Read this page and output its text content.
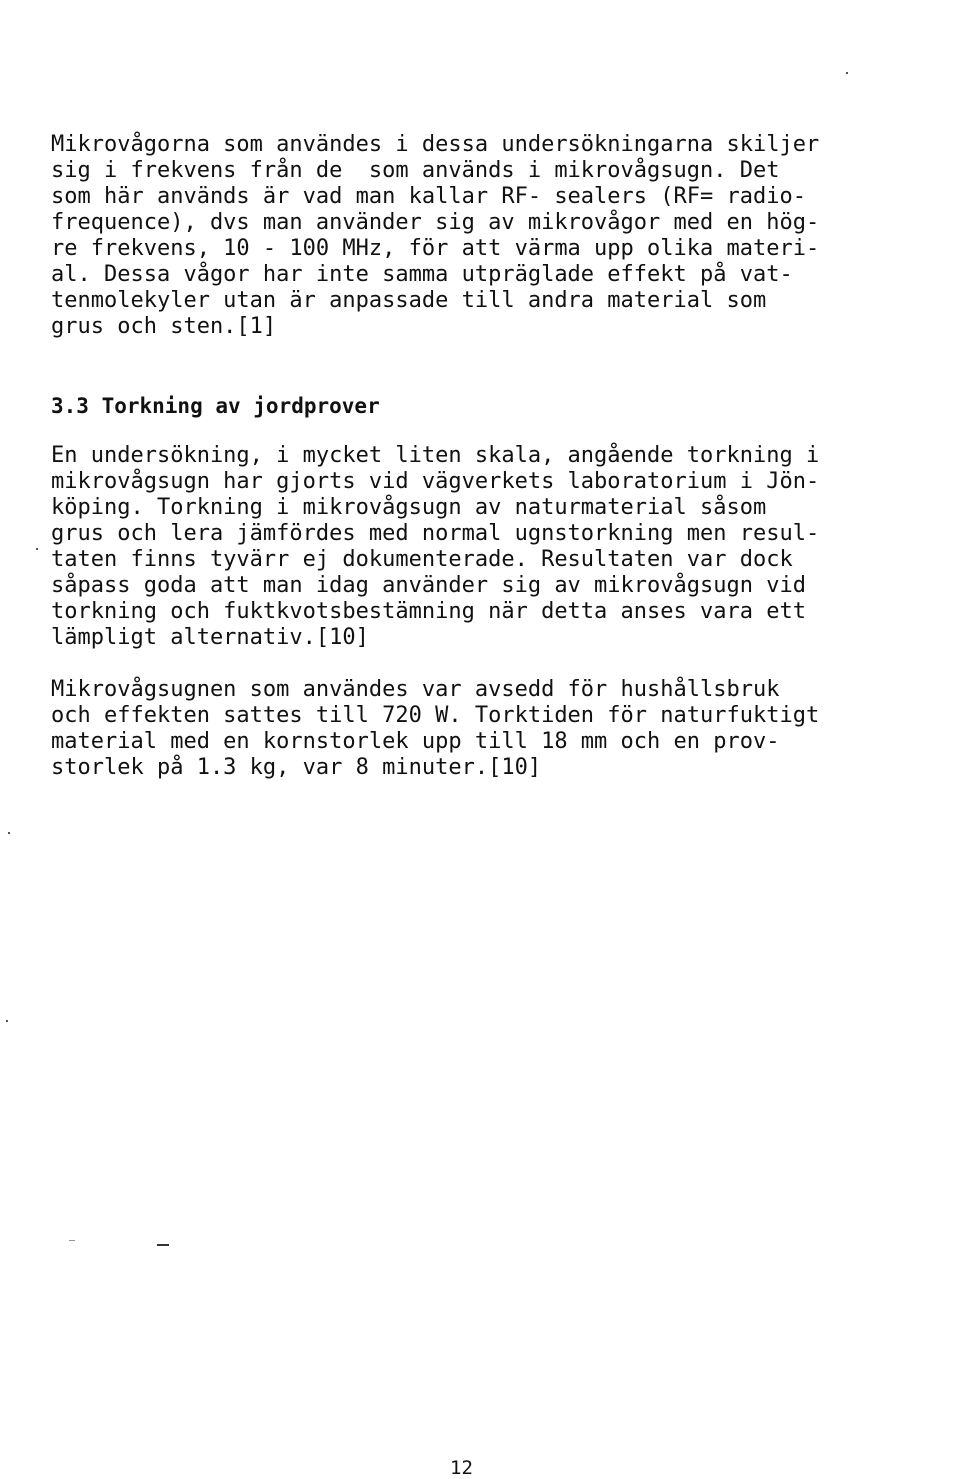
Mikrovågorna som användes i dessa undersökningarna skiljer
sig i frekvens från de  som används i mikrovågsugn. Det
som här används är vad man kallar RF- sealers (RF= radio-
frequence), dvs man använder sig av mikrovågor med en hög-
re frekvens, 10 - 100 MHz, för att värma upp olika materi-
al. Dessa vågor har inte samma utpräglade effekt på vat-
tenmolekyler utan är anpassade till andra material som
grus och sten.[1]
3.3 Torkning av jordprover
En undersökning, i mycket liten skala, angående torkning i
mikrovågsugn har gjorts vid vägverkets laboratorium i Jön-
köping. Torkning i mikrovågsugn av naturmaterial såsom
grus och lera jämfördes med normal ugnstorkning men resul-
taten finns tyvärr ej dokumenterade. Resultaten var dock
såpass goda att man idag använder sig av mikrovågsugn vid
torkning och fuktkvotsbestämning när detta anses vara ett
lämpligt alternativ.[10]
Mikrovågsugnen som användes var avsedd för hushållsbruk
och effekten sattes till 720 W. Torktiden för naturfuktigt
material med en kornstorlek upp till 18 mm och en prov-
storlek på 1.3 kg, var 8 minuter.[10]
12
